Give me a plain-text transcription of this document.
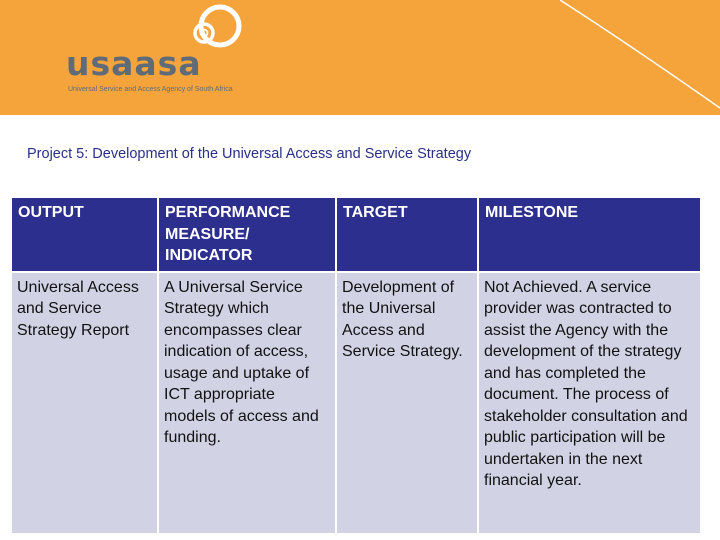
usaasa
Universal Service and Access Agency of South Africa
Project 5: Development of the Universal Access and Service Strategy
OUTPUT	PERFORMANCE MEASURE/ INDICATOR	TARGET	MILESTONE
Universal Access and Service Strategy Report	A Universal Service Strategy which encompasses clear indication of access, usage and uptake of ICT appropriate models of access and funding.	Development of the Universal Access and Service Strategy.	Not Achieved. A service provider was contracted to assist the Agency with the development of the strategy and has completed the document. The process of stakeholder consultation and public participation will be undertaken in the next financial year.
